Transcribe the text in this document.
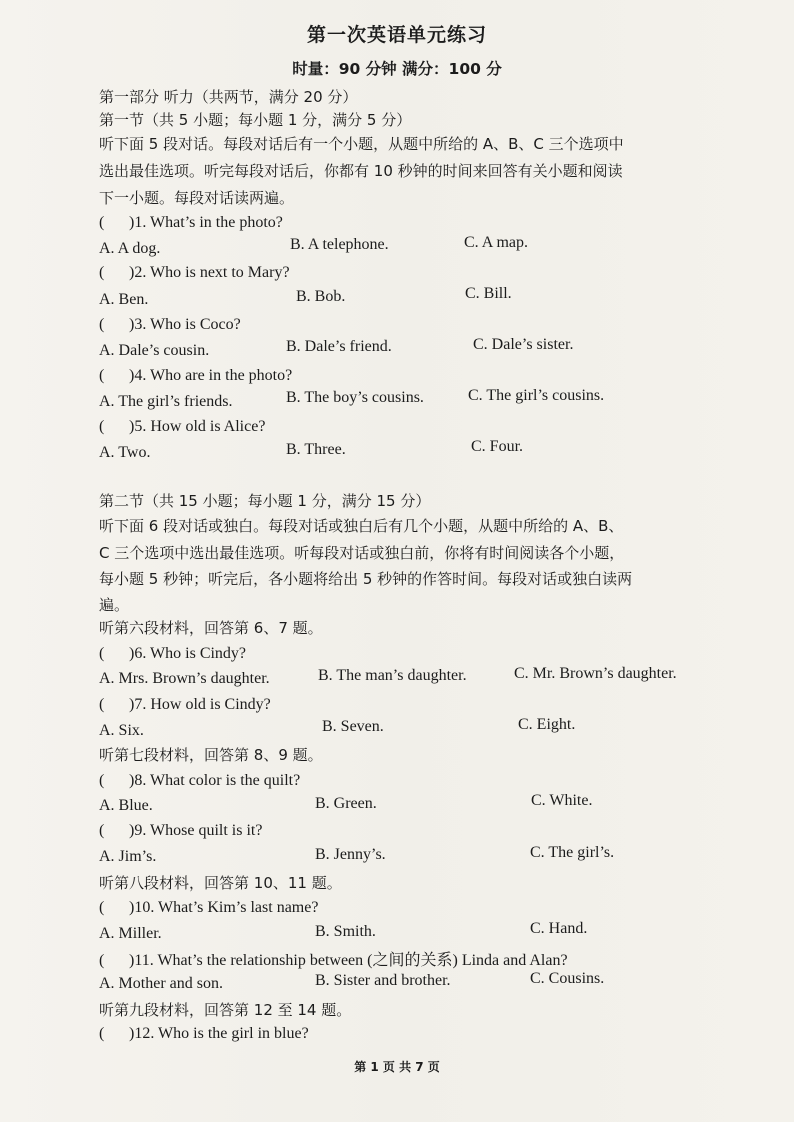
第一次英语单元练习
时量：90 分钟 满分：100 分
第一部分 听力（共两节，满分 20 分）
第一节（共 5 小题；每小题 1 分，满分 5 分）
听下面 5 段对话。每段对话后有一个小题，从题中所给的 A、B、C 三个选项中
选出最佳选项。听完每段对话后，你都有 10 秒钟的时间来回答有关小题和阅读
下一小题。每段对话读两遍。
( )1. What’s in the photo?
A. A dog.	B. A telephone.	C. A map.
( )2. Who is next to Mary?
A. Ben.	B. Bob.	C. Bill.
( )3. Who is Coco?
A. Dale’s cousin.	B. Dale’s friend.	C. Dale’s sister.
( )4. Who are in the photo?
A. The girl’s friends.	B. The boy’s cousins.	C. The girl’s cousins.
( )5. How old is Alice?
A. Two.	B. Three.	C. Four.
第二节（共 15 小题；每小题 1 分，满分 15 分）
听下面 6 段对话或独白。每段对话或独白后有几个小题，从题中所给的 A、B、
C 三个选项中选出最佳选项。听每段对话或独白前，你将有时间阅读各个小题，
每小题 5 秒钟；听完后，各小题将给出 5 秒钟的作答时间。每段对话或独白读两
遍。
听第六段材料，回答第 6、7 题。
( )6. Who is Cindy?
A. Mrs. Brown’s daughter.	B. The man’s daughter.	C. Mr. Brown’s daughter.
( )7. How old is Cindy?
A. Six.	B. Seven.	C. Eight.
听第七段材料，回答第 8、9 题。
( )8. What color is the quilt?
A. Blue.	B. Green.	C. White.
( )9. Whose quilt is it?
A. Jim’s.	B. Jenny’s.	C. The girl’s.
听第八段材料，回答第 10、11 题。
( )10. What’s Kim’s last name?
A. Miller.	B. Smith.	C. Hand.
( )11. What’s the relationship between (之间的关系) Linda and Alan?
A. Mother and son.	B. Sister and brother.	C. Cousins.
听第九段材料，回答第 12 至 14 题。
( )12. Who is the girl in blue?
第 1 页 共 7 页
